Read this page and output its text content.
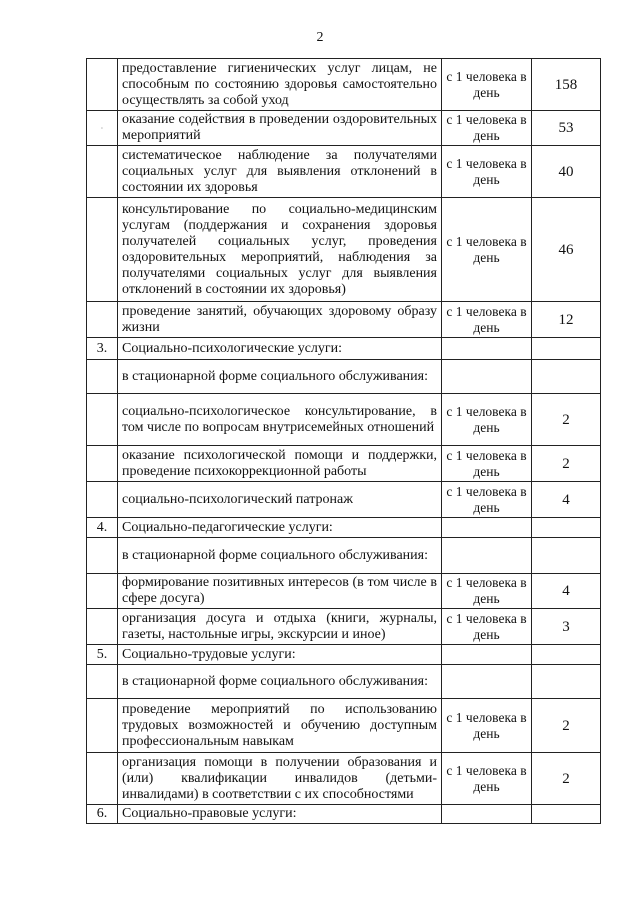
2
	предоставление гигиенических услуг лицам, не способным по состоянию здоровья самостоятельно осуществлять за собой уход	с 1 человека в день	158
·	оказание содействия в проведении оздоровительных мероприятий	с 1 человека в день	53
	систематическое наблюдение за получателями социальных услуг для выявления отклонений в состоянии их здоровья	с 1 человека в день	40
	консультирование по социально-медицинским услугам (поддержания и сохранения здоровья получателей социальных услуг, проведения оздоровительных мероприятий, наблюдения за получателями социальных услуг для выявления отклонений в состоянии их здоровья)	с 1 человека в день	46
	проведение занятий, обучающих здоровому образу жизни	с 1 человека в день	12
3.	Социально-психологические услуги:		
	в стационарной форме социального обслуживания:		
	социально-психологическое консультирование, в том числе по вопросам внутрисемейных отношений	с 1 человека в день	2
	оказание психологической помощи и поддержки, проведение психокоррекционной работы	с 1 человека в день	2
	социально-психологический патронаж	с 1 человека в день	4
4.	Социально-педагогические услуги:		
	в стационарной форме социального обслуживания:		
	формирование позитивных интересов (в том числе в сфере досуга)	с 1 человека в день	4
	организация досуга и отдыха (книги, журналы, газеты, настольные игры, экскурсии и иное)	с 1 человека в день	3
5.	Социально-трудовые услуги:		
	в стационарной форме социального обслуживания:		
	проведение мероприятий по использованию трудовых возможностей и обучению доступным профессиональным навыкам	с 1 человека в день	2
	организация помощи в получении образования и (или) квалификации инвалидов (детьми-инвалидами) в соответствии с их способностями	с 1 человека в день	2
6.	Социально-правовые услуги:		
